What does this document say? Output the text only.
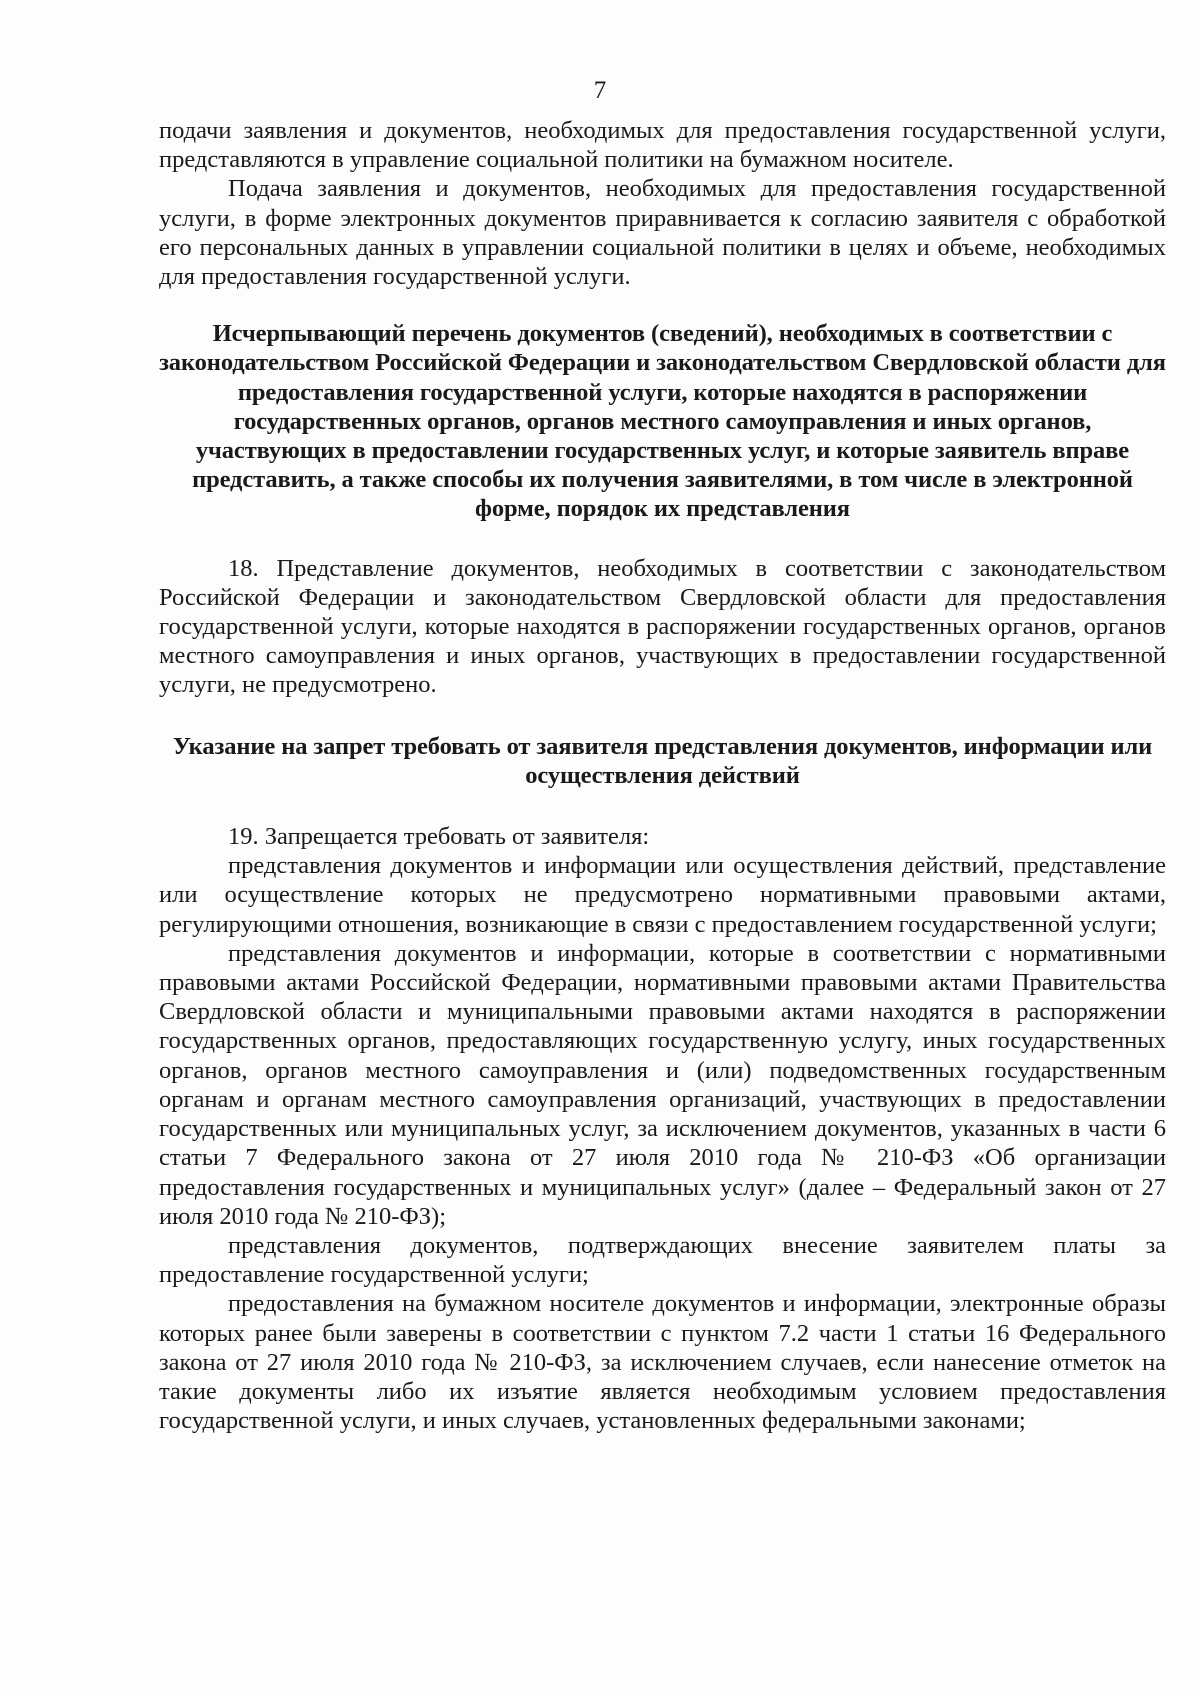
7

подачи заявления и документов, необходимых для предоставления государственной услуги, представляются в управление социальной политики на бумажном носителе.

Подача заявления и документов, необходимых для предоставления государственной услуги, в форме электронных документов приравнивается к согласию заявителя с обработкой его персональных данных в управлении социальной политики в целях и объеме, необходимых для предоставления государственной услуги.

Исчерпывающий перечень документов (сведений), необходимых в соответствии с законодательством Российской Федерации и законодательством Свердловской области для предоставления государственной услуги, которые находятся в распоряжении государственных органов, органов местного самоуправления и иных органов, участвующих в предоставлении государственных услуг, и которые заявитель вправе представить, а также способы их получения заявителями, в том числе в электронной форме, порядок их представления

18. Представление документов, необходимых в соответствии с законодательством Российской Федерации и законодательством Свердловской области для предоставления государственной услуги, которые находятся в распоряжении государственных органов, органов местного самоуправления и иных органов, участвующих в предоставлении государственной услуги, не предусмотрено.

Указание на запрет требовать от заявителя представления документов, информации или осуществления действий

19. Запрещается требовать от заявителя:

представления документов и информации или осуществления действий, представление или осуществление которых не предусмотрено нормативными правовыми актами, регулирующими отношения, возникающие в связи с предоставлением государственной услуги;

представления документов и информации, которые в соответствии с нормативными правовыми актами Российской Федерации, нормативными правовыми актами Правительства Свердловской области и муниципальными правовыми актами находятся в распоряжении государственных органов, предоставляющих государственную услугу, иных государственных органов, органов местного самоуправления и (или) подведомственных государственным органам и органам местного самоуправления организаций, участвующих в предоставлении государственных или муниципальных услуг, за исключением документов, указанных в части 6 статьи 7 Федерального закона от 27 июля 2010 года № 210-ФЗ «Об организации предоставления государственных и муниципальных услуг» (далее – Федеральный закон от 27 июля 2010 года № 210-ФЗ);

представления документов, подтверждающих внесение заявителем платы за предоставление государственной услуги;

предоставления на бумажном носителе документов и информации, электронные образы которых ранее были заверены в соответствии с пунктом 7.2 части 1 статьи 16 Федерального закона от 27 июля 2010 года № 210-ФЗ, за исключением случаев, если нанесение отметок на такие документы либо их изъятие является необходимым условием предоставления государственной услуги, и иных случаев, установленных федеральными законами;
